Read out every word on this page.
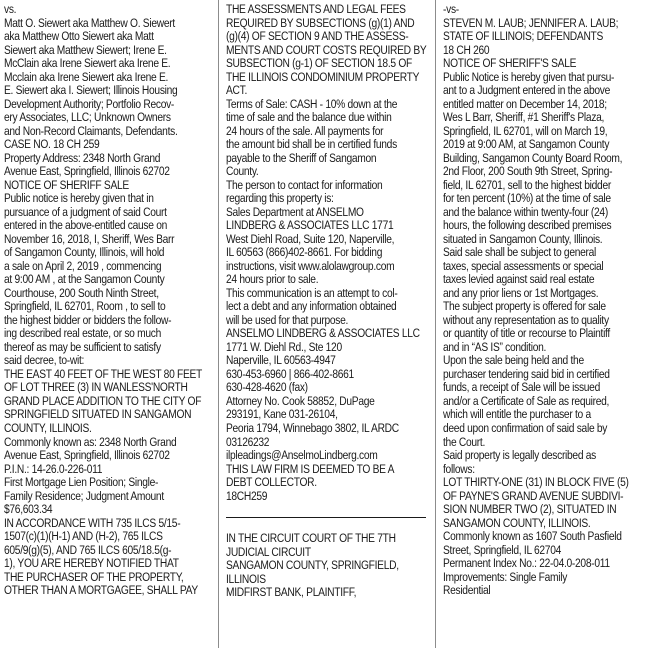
vs.
Matt O. Siewert aka Matthew O. Siewert
aka Matthew Otto Siewert aka Matt
Siewert aka Matthew Siewert; Irene E.
McClain aka Irene Siewert aka Irene E.
Mcclain aka Irene Siewert aka Irene E.
E. Siewert aka I. Siewert; Illinois Housing
Development Authority; Portfolio Recov-
ery Associates, LLC; Unknown Owners
and Non-Record Claimants, Defendants.
CASE NO. 18 CH 259
Property Address: 2348 North Grand
Avenue East, Springfield, Illinois 62702
NOTICE OF SHERIFF SALE
Public notice is hereby given that in
pursuance of a judgment of said Court
entered in the above-entitled cause on
November 16, 2018, I, Sheriff, Wes Barr
of Sangamon County, Illinois, will hold
a sale on April 2, 2019 , commencing
at 9:00 AM , at the Sangamon County
Courthouse, 200 South Ninth Street,
Springfield, IL 62701, Room , to sell to
the highest bidder or bidders the follow-
ing described real estate, or so much
thereof as may be sufficient to satisfy
said decree, to-wit:
THE EAST 40 FEET OF THE WEST 80 FEET
OF LOT THREE (3) IN WANLESS'NORTH
GRAND PLACE ADDITION TO THE CITY OF
SPRINGFIELD SITUATED IN SANGAMON
COUNTY, ILLINOIS.
Commonly known as: 2348 North Grand
Avenue East, Springfield, Illinois 62702
P.I.N.: 14-26.0-226-011
First Mortgage Lien Position; Single-
Family Residence; Judgment Amount
$76,603.34
IN ACCORDANCE WITH 735 ILCS 5/15-
1507(c)(1)(H-1) AND (H-2), 765 ILCS
605/9(g)(5), AND 765 ILCS 605/18.5(g-
1), YOU ARE HEREBY NOTIFIED THAT
THE PURCHASER OF THE PROPERTY,
OTHER THAN A MORTGAGEE, SHALL PAY
THE ASSESSMENTS AND LEGAL FEES
REQUIRED BY SUBSECTIONS (g)(1) AND
(g)(4) OF SECTION 9 AND THE ASSESS-
MENTS AND COURT COSTS REQUIRED BY
SUBSECTION (g-1) OF SECTION 18.5 OF
THE ILLINOIS CONDOMINIUM PROPERTY
ACT.
Terms of Sale: CASH - 10% down at the
time of sale and the balance due within
24 hours of the sale. All payments for
the amount bid shall be in certified funds
payable to the Sheriff of Sangamon
County.
The person to contact for information
regarding this property is:
Sales Department at ANSELMO
LINDBERG & ASSOCIATES LLC 1771
West Diehl Road, Suite 120, Naperville,
IL 60563 (866)402-8661. For bidding
instructions, visit www.alolawgroup.com
24 hours prior to sale.
This communication is an attempt to col-
lect a debt and any information obtained
will be used for that purpose.
ANSELMO LINDBERG & ASSOCIATES LLC
1771 W. Diehl Rd., Ste 120
Naperville, IL 60563-4947
630-453-6960 | 866-402-8661
630-428-4620 (fax)
Attorney No. Cook 58852, DuPage
293191, Kane 031-26104,
Peoria 1794, Winnebago 3802, IL ARDC
03126232
ilpleadings@AnselmoLindberg.com
THIS LAW FIRM IS DEEMED TO BE A
DEBT COLLECTOR.
18CH259
IN THE CIRCUIT COURT OF THE 7TH
JUDICIAL CIRCUIT
SANGAMON COUNTY, SPRINGFIELD,
ILLINOIS
MIDFIRST BANK, PLAINTIFF,
-vs-
STEVEN M. LAUB; JENNIFER A. LAUB;
STATE OF ILLINOIS; DEFENDANTS
18 CH 260
NOTICE OF SHERIFF'S SALE
Public Notice is hereby given that pursu-
ant to a Judgment entered in the above
entitled matter on December 14, 2018;
Wes L Barr, Sheriff, #1 Sheriff's Plaza,
Springfield, IL 62701, will on March 19,
2019 at 9:00 AM, at Sangamon County
Building, Sangamon County Board Room,
2nd Floor, 200 South 9th Street, Spring-
field, IL 62701, sell to the highest bidder
for ten percent (10%) at the time of sale
and the balance within twenty-four (24)
hours, the following described premises
situated in Sangamon County, Illinois.
Said sale shall be subject to general
taxes, special assessments or special
taxes levied against said real estate
and any prior liens or 1st Mortgages.
The subject property is offered for sale
without any representation as to quality
or quantity of title or recourse to Plaintiff
and in “AS IS” condition.
Upon the sale being held and the
purchaser tendering said bid in certified
funds, a receipt of Sale will be issued
and/or a Certificate of Sale as required,
which will entitle the purchaser to a
deed upon confirmation of said sale by
the Court.
Said property is legally described as
follows:
LOT THIRTY-ONE (31) IN BLOCK FIVE (5)
OF PAYNE'S GRAND AVENUE SUBDIVI-
SION NUMBER TWO (2), SITUATED IN
SANGAMON COUNTY, ILLINOIS.
Commonly known as 1607 South Pasfield
Street, Springfield, IL 62704
Permanent Index No.: 22-04.0-208-011
Improvements: Single Family
Residential
